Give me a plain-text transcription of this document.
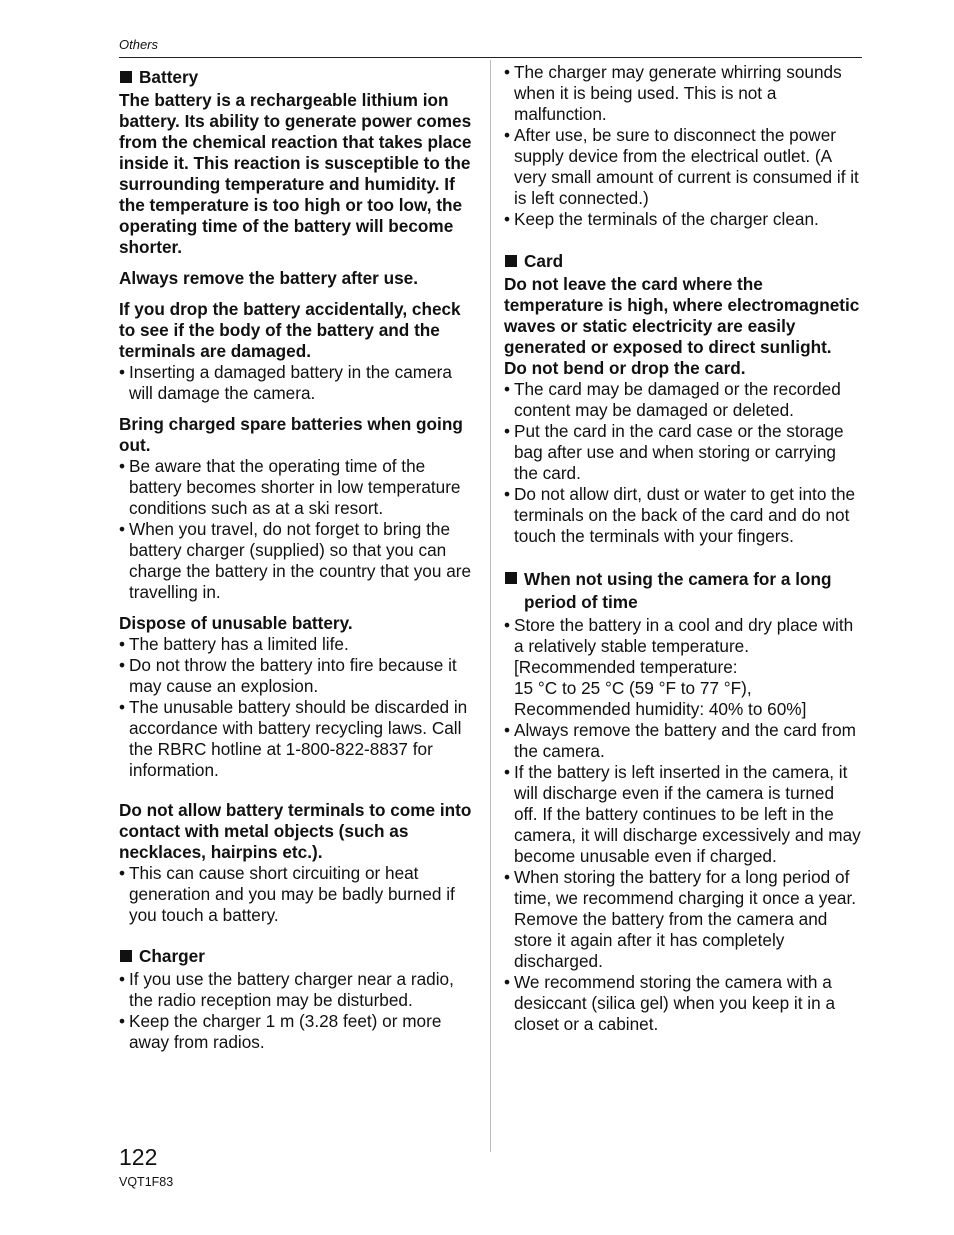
Others
Battery
The battery is a rechargeable lithium ion battery. Its ability to generate power comes from the chemical reaction that takes place inside it. This reaction is susceptible to the surrounding temperature and humidity. If the temperature is too high or too low, the operating time of the battery will become shorter.
Always remove the battery after use.
If you drop the battery accidentally, check to see if the body of the battery and the terminals are damaged.
• Inserting a damaged battery in the camera will damage the camera.
Bring charged spare batteries when going out.
• Be aware that the operating time of the battery becomes shorter in low temperature conditions such as at a ski resort.
• When you travel, do not forget to bring the battery charger (supplied) so that you can charge the battery in the country that you are travelling in.
Dispose of unusable battery.
• The battery has a limited life.
• Do not throw the battery into fire because it may cause an explosion.
• The unusable battery should be discarded in accordance with battery recycling laws. Call the RBRC hotline at 1-800-822-8837 for information.
Do not allow battery terminals to come into contact with metal objects (such as necklaces, hairpins etc.).
• This can cause short circuiting or heat generation and you may be badly burned if you touch a battery.
Charger
• If you use the battery charger near a radio, the radio reception may be disturbed.
• Keep the charger 1 m (3.28 feet) or more away from radios.
• The charger may generate whirring sounds when it is being used. This is not a malfunction.
• After use, be sure to disconnect the power supply device from the electrical outlet. (A very small amount of current is consumed if it is left connected.)
• Keep the terminals of the charger clean.
Card
Do not leave the card where the temperature is high, where electromagnetic waves or static electricity are easily generated or exposed to direct sunlight.
Do not bend or drop the card.
• The card may be damaged or the recorded content may be damaged or deleted.
• Put the card in the card case or the storage bag after use and when storing or carrying the card.
• Do not allow dirt, dust or water to get into the terminals on the back of the card and do not touch the terminals with your fingers.
When not using the camera for a long period of time
• Store the battery in a cool and dry place with a relatively stable temperature.
[Recommended temperature:
15 °C to 25 °C (59 °F to 77 °F),
Recommended humidity: 40% to 60%]
• Always remove the battery and the card from the camera.
• If the battery is left inserted in the camera, it will discharge even if the camera is turned off. If the battery continues to be left in the camera, it will discharge excessively and may become unusable even if charged.
• When storing the battery for a long period of time, we recommend charging it once a year. Remove the battery from the camera and store it again after it has completely discharged.
• We recommend storing the camera with a desiccant (silica gel) when you keep it in a closet or a cabinet.
122
VQT1F83
